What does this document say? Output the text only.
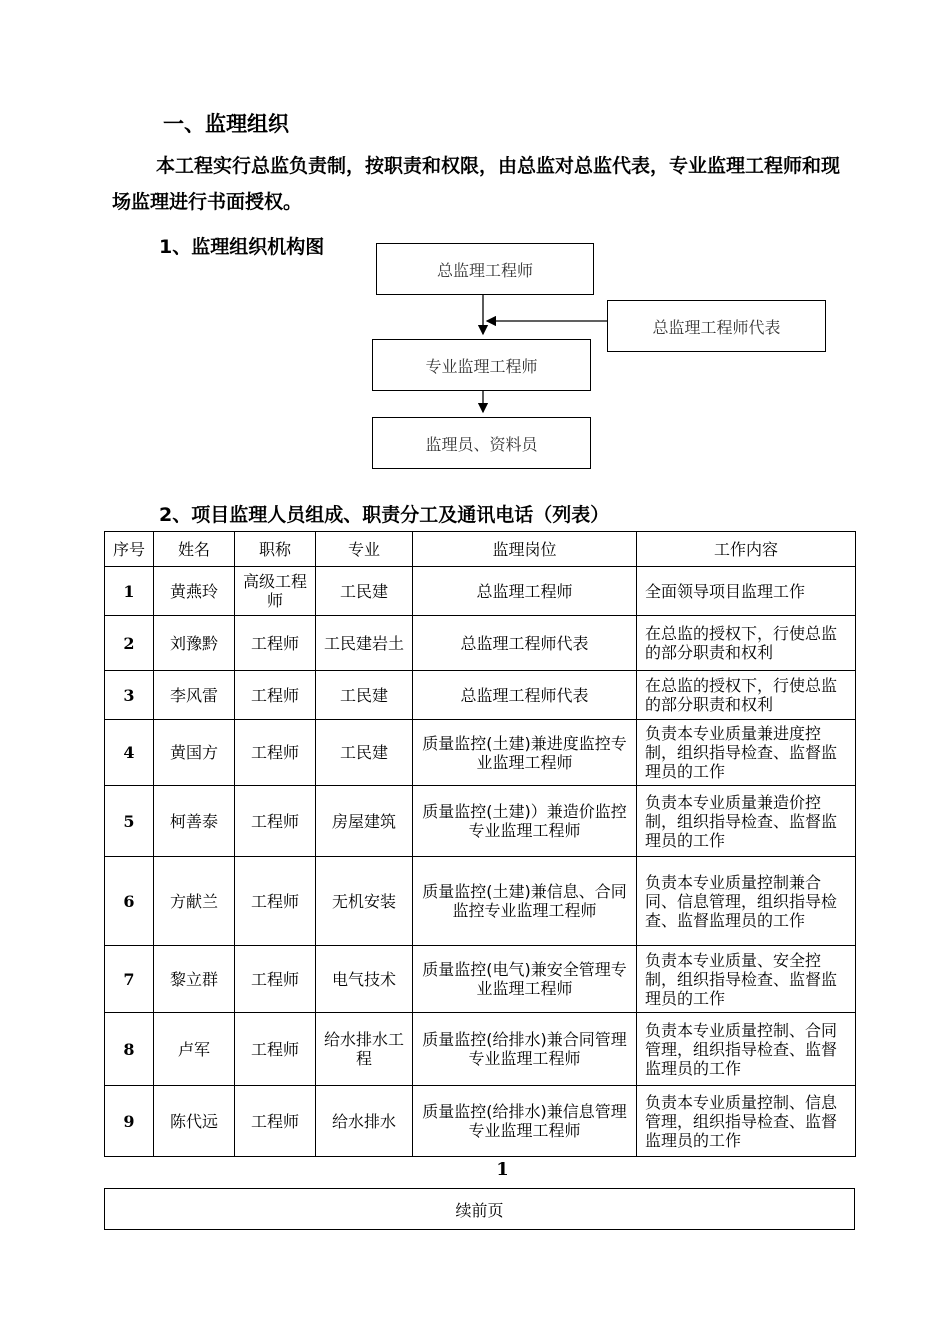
一、监理组织
本工程实行总监负责制，按职责和权限，由总监对总监代表，专业监理工程师和现场监理进行书面授权。
1、监理组织机构图
总监理工程师
总监理工程师代表
专业监理工程师
监理员、资料员
2、项目监理人员组成、职责分工及通讯电话（列表）
序号	姓名	职称	专业	监理岗位	工作内容
1	黄燕玲	高级工程师	工民建	总监理工程师	全面领导项目监理工作
2	刘豫黔	工程师	工民建岩土	总监理工程师代表	在总监的授权下，行使总监的部分职责和权利
3	李风雷	工程师	工民建	总监理工程师代表	在总监的授权下，行使总监的部分职责和权利
4	黄国方	工程师	工民建	质量监控(土建)兼进度监控专业监理工程师	负责本专业质量兼进度控制，组织指导检查、监督监理员的工作
5	柯善泰	工程师	房屋建筑	质量监控(土建)）兼造价监控专业监理工程师	负责本专业质量兼造价控制，组织指导检查、监督监理员的工作
6	方献兰	工程师	无机安装	质量监控(土建)兼信息、合同监控专业监理工程师	负责本专业质量控制兼合同、信息管理，组织指导检查、监督监理员的工作
7	黎立群	工程师	电气技术	质量监控(电气)兼安全管理专业监理工程师	负责本专业质量、安全控制，组织指导检查、监督监理员的工作
8	卢军	工程师	给水排水工程	质量监控(给排水)兼合同管理专业监理工程师	负责本专业质量控制、合同管理，组织指导检查、监督监理员的工作
9	陈代远	工程师	给水排水	质量监控(给排水)兼信息管理专业监理工程师	负责本专业质量控制、信息管理，组织指导检查、监督监理员的工作
1
续前页
